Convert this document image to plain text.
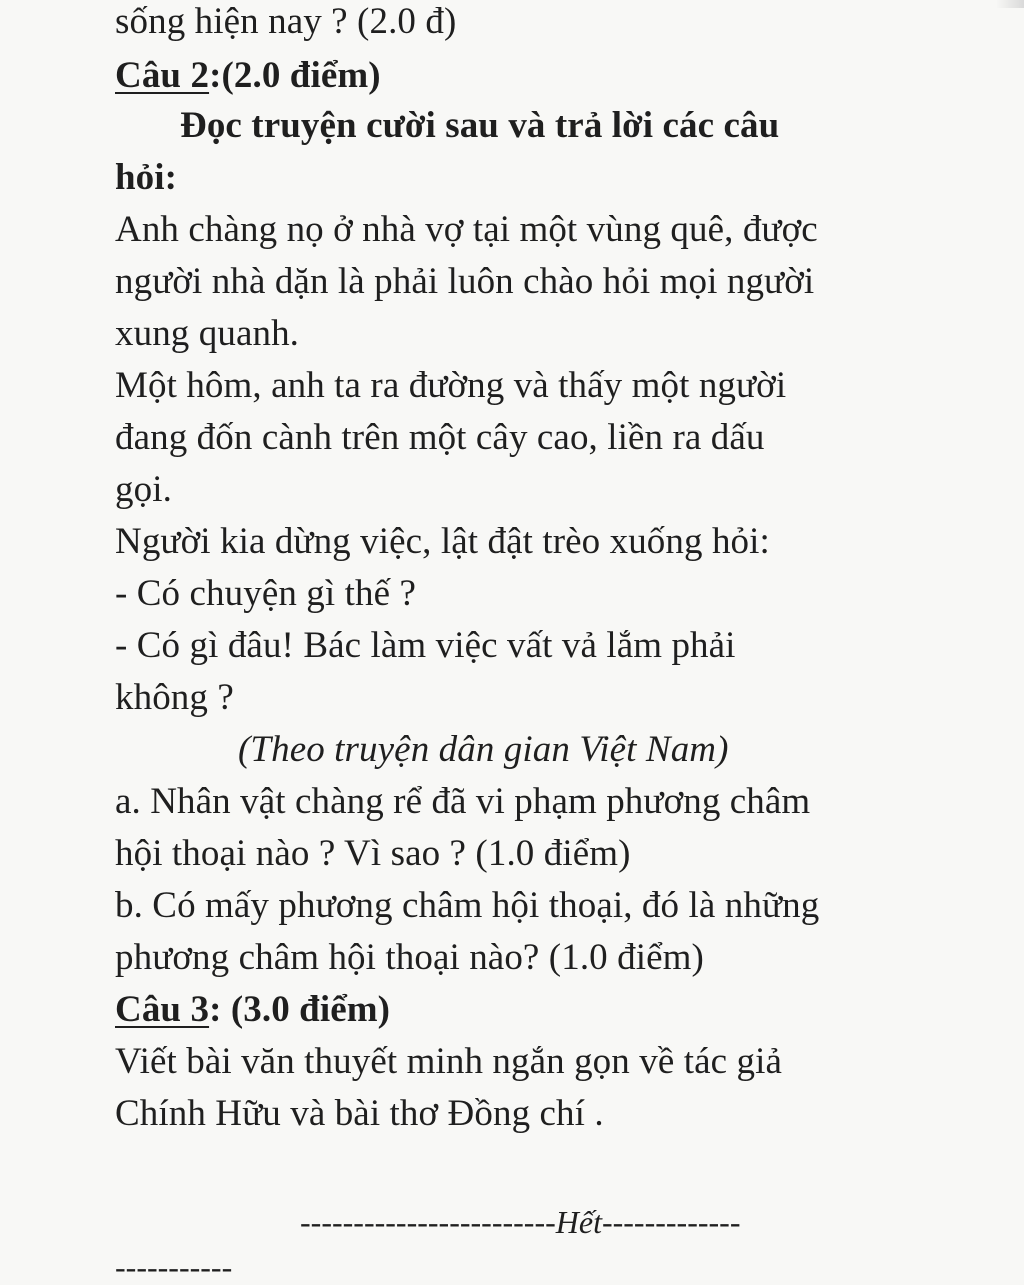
sống hiện nay ? (2.0 đ)
Câu 2:(2.0 điểm)
Đọc truyện cười sau và trả lời các câu
hỏi:
Anh chàng nọ ở nhà vợ tại một vùng quê, được
người nhà dặn là phải luôn chào hỏi mọi người
xung quanh.
Một hôm, anh ta ra đường và thấy một người
đang đốn cành trên một cây cao, liền ra dấu
gọi.
Người kia dừng việc, lật đật trèo xuống hỏi:
- Có chuyện gì thế ?
- Có gì đâu! Bác làm việc vất vả lắm phải
không ?
(Theo truyện dân gian Việt Nam)
a. Nhân vật chàng rể đã vi phạm phương châm
hội thoại nào ? Vì sao ? (1.0 điểm)
b. Có mấy phương châm hội thoại, đó là những
phương châm hội thoại nào? (1.0 điểm)
Câu 3: (3.0 điểm)
Viết bài văn thuyết minh ngắn gọn về tác giả
Chính Hữu và bài thơ Đồng chí .
------------------------Hết-------------
-----------
